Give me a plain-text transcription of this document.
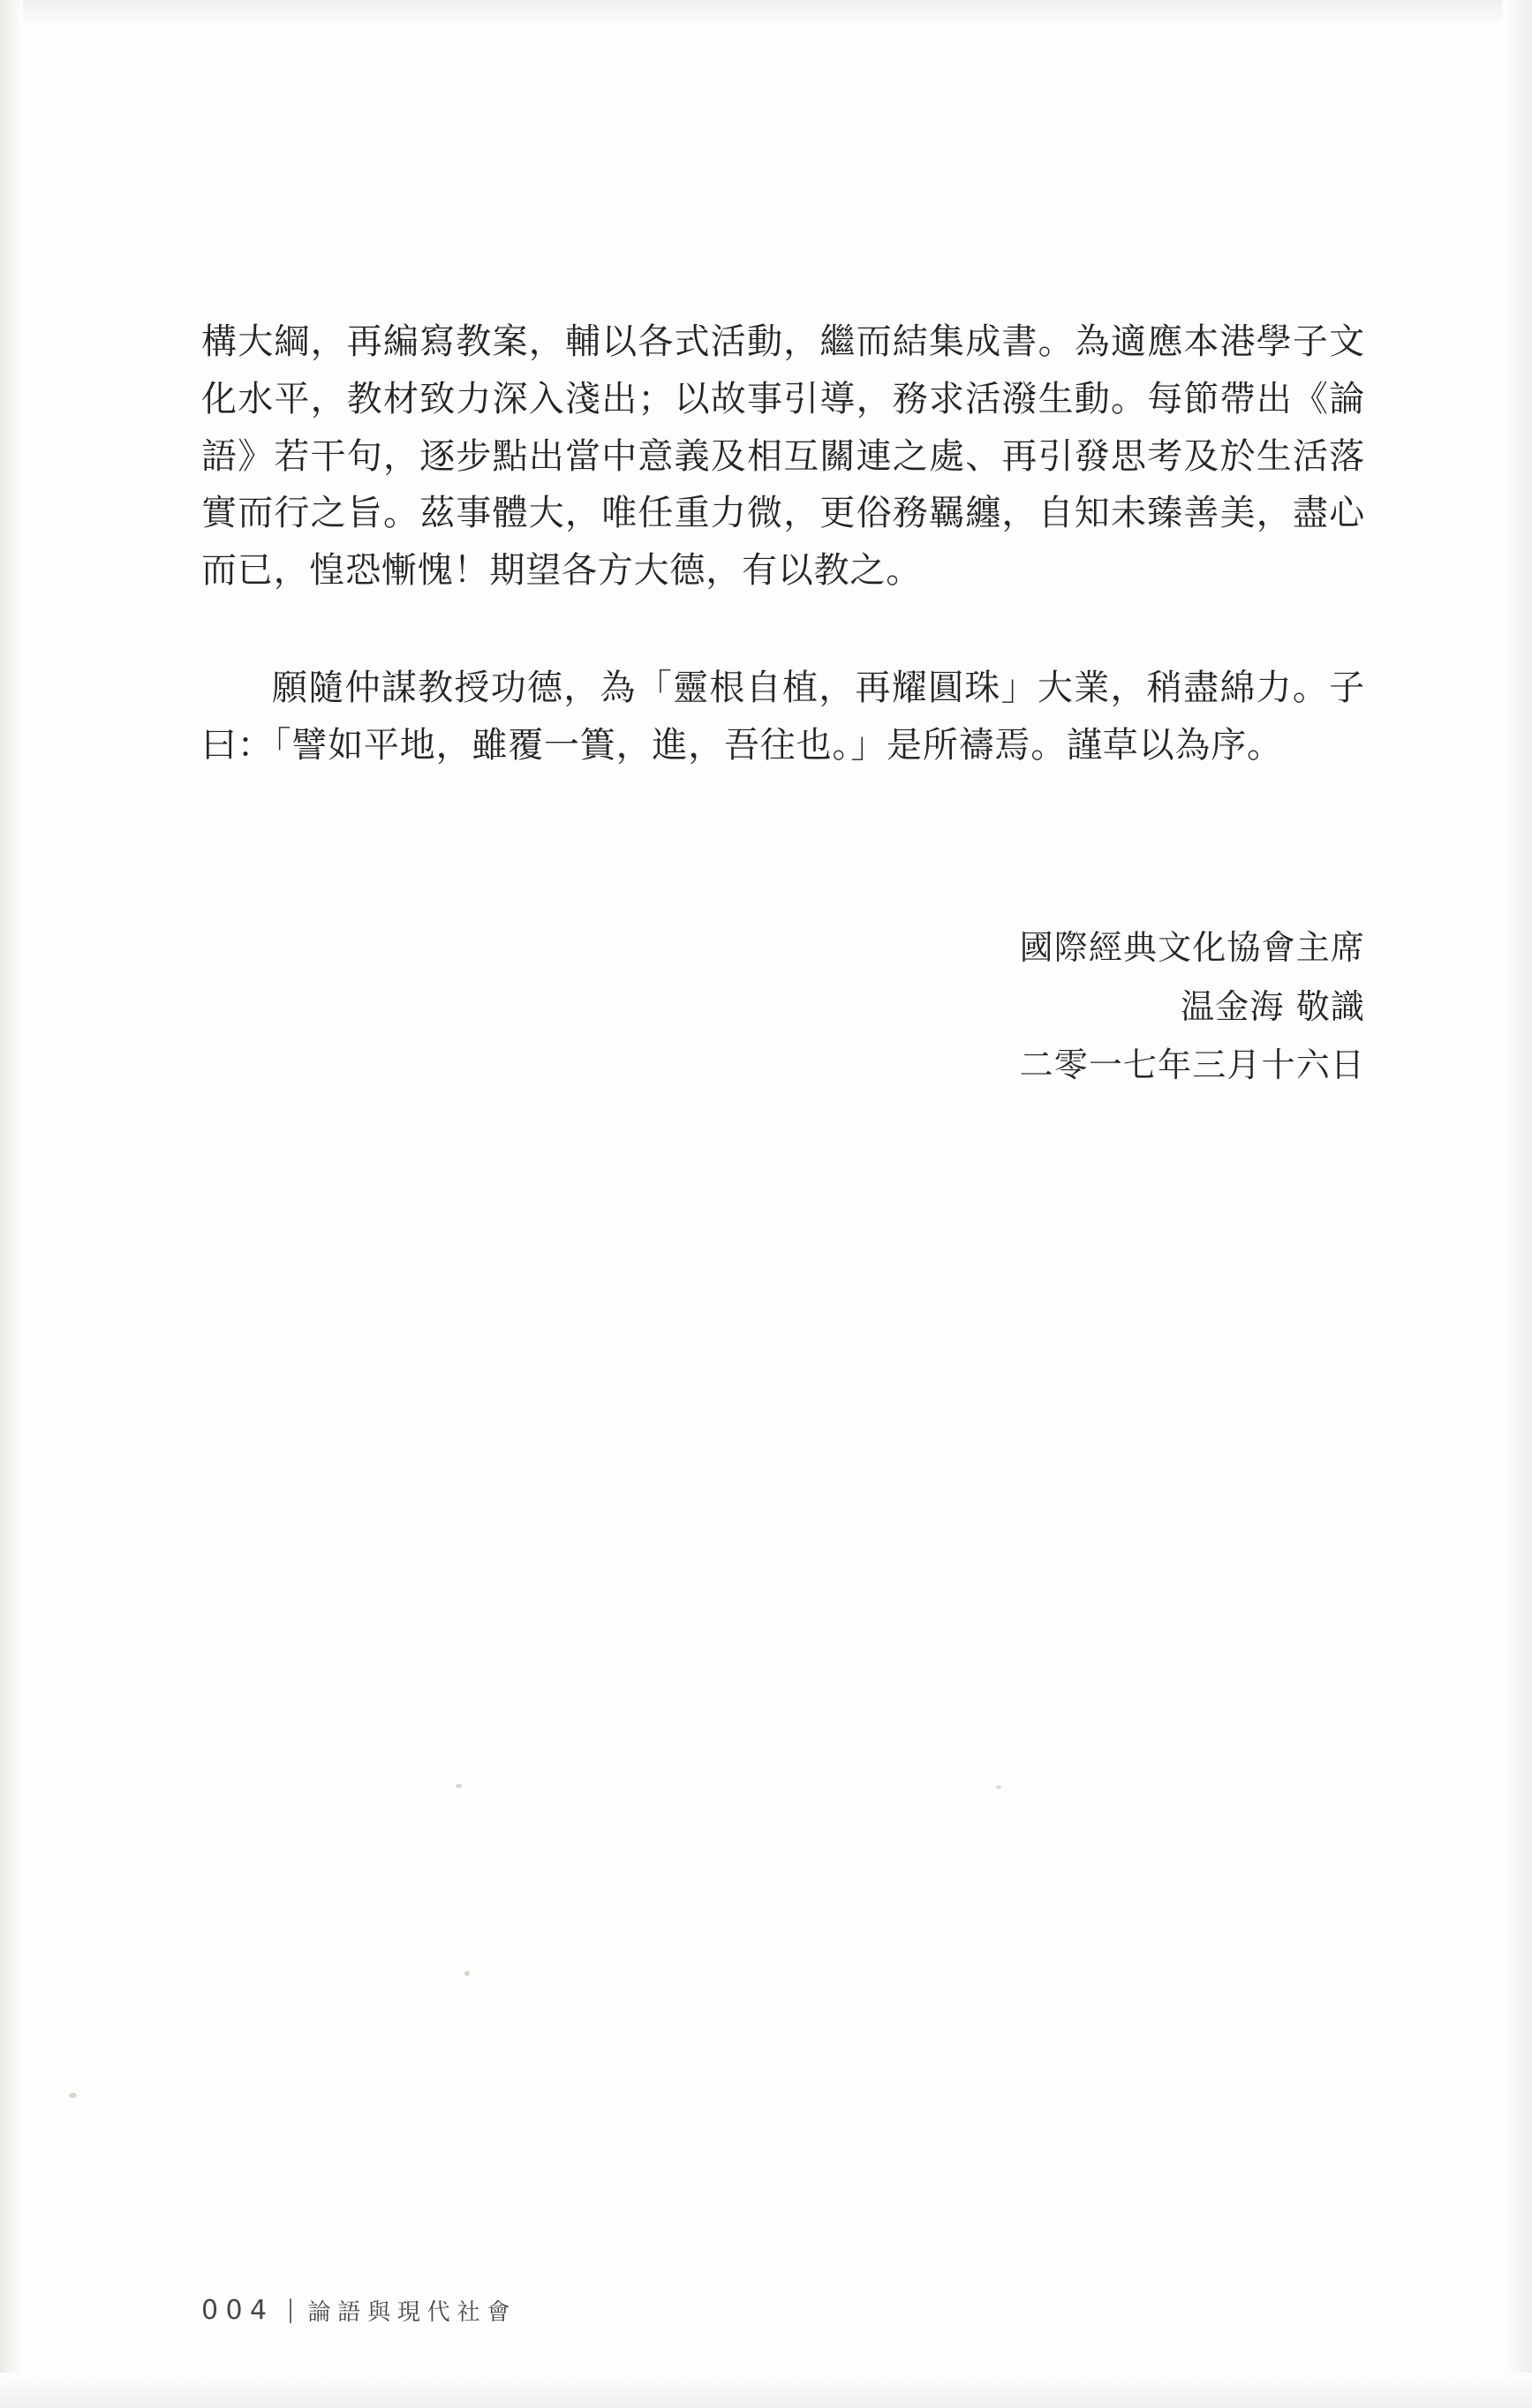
構大綱，再編寫教案，輔以各式活動，繼而結集成書。為適應本港學子文化水平，教材致力深入淺出；以故事引導，務求活潑生動。每節帶出《論語》若干句，逐步點出當中意義及相互關連之處、再引發思考及於生活落實而行之旨。茲事體大，唯任重力微，更俗務羈纏，自知未臻善美，盡心而已，惶恐慚愧！期望各方大德，有以教之。

願隨仲謀教授功德，為「靈根自植，再耀圓珠」大業，稍盡綿力。子曰：「譬如平地，雖覆一簣，進，吾往也。」是所禱焉。謹草以為序。

國際經典文化協會主席
温金海 敬識
二零一七年三月十六日
004 論語與現代社會
